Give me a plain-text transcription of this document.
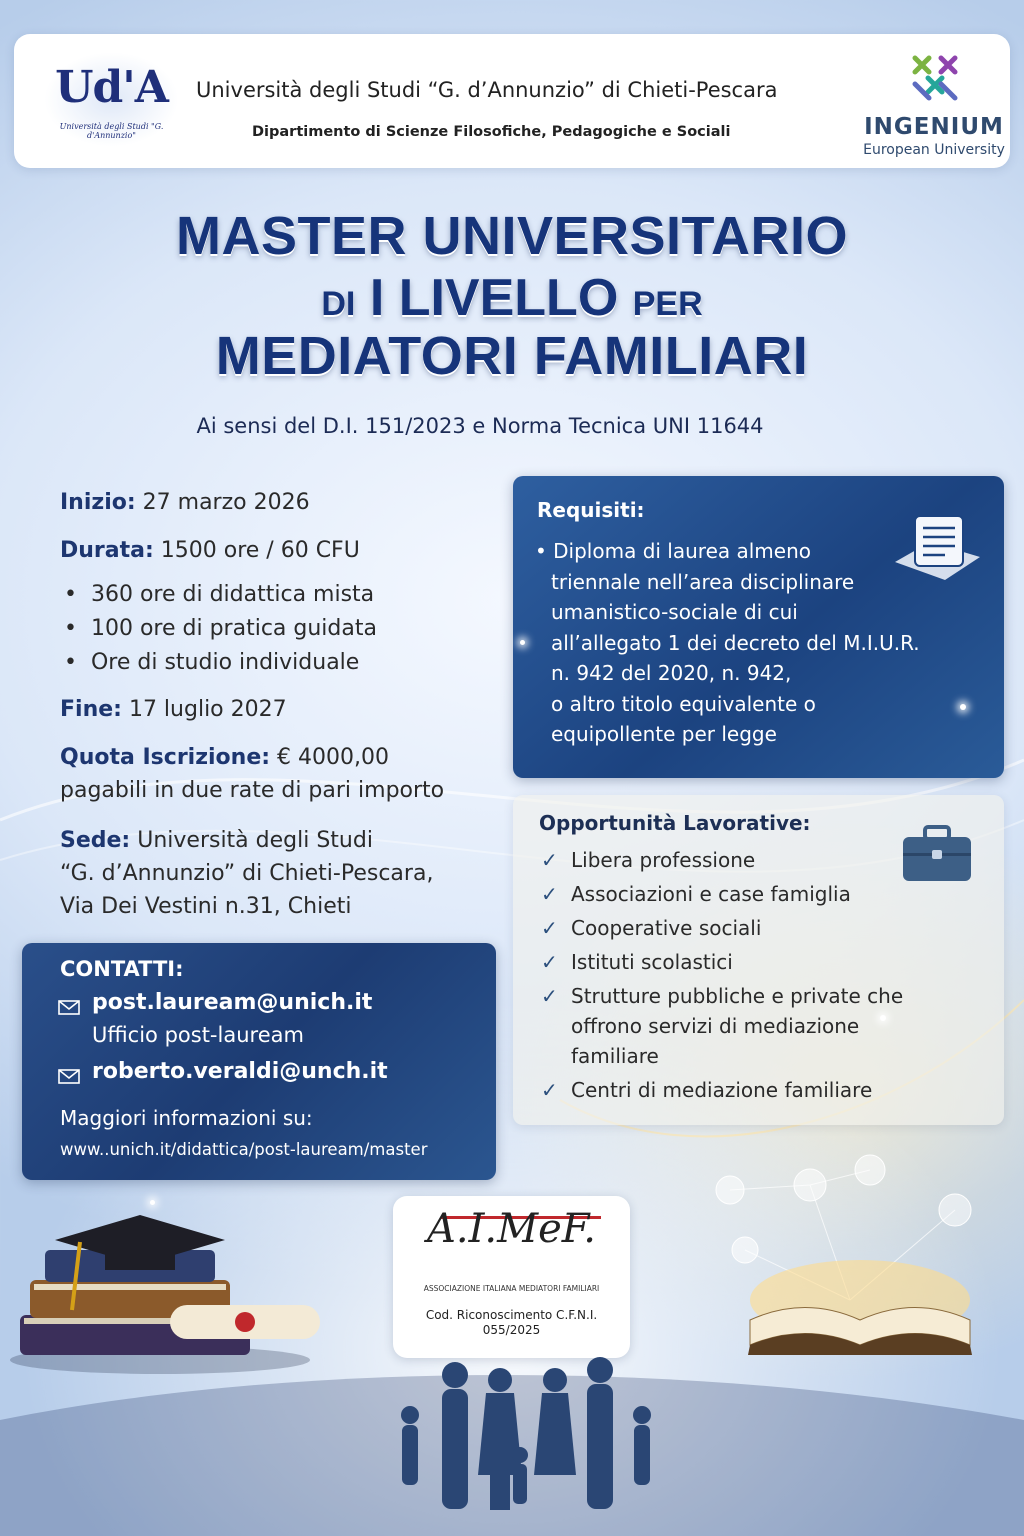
Ud'A
Università degli Studi "G. d'Annunzio"
Università degli Studi “G. d’Annunzio” di Chieti-Pescara
Dipartimento di Scienze Filosofiche, Pedagogiche e Sociali	INGENIUM
European University
MASTER UNIVERSITARIO
DI I LIVELLO PER
MEDIATORI FAMILIARI
Ai sensi del D.I. 151/2023 e Norma Tecnica UNI 11644
Inizio: 27 marzo 2026
Durata: 1500 ore / 60 CFU
• 360 ore di didattica mista
• 100 ore di pratica guidata
• Ore di studio individuale
Fine: 17 luglio 2027
Quota Iscrizione: € 4000,00
pagabili in due rate di pari importo
Sede: Università degli Studi
“G. d’Annunzio” di Chieti-Pescara,
Via Dei Vestini n.31, Chieti
CONTATTI:
post.lauream@unich.it
Ufficio post-lauream
roberto.veraldi@unch.it
Maggiori informazioni su:
www..unich.it/didattica/post-lauream/master
Requisiti:
• Diploma di laurea almeno
triennale nell’area disciplinare
umanistico-sociale di cui
all’allegato 1 dei decreto del M.I.U.R.
n. 942 del 2020, n. 942,
o altro titolo equivalente o
equipollente per legge
Opportunità Lavorative:
✓ Libera professione
✓ Associazioni e case famiglia
✓ Cooperative sociali
✓ Istituti scolastici
✓ Strutture pubbliche e private che offrono servizi di mediazione familiare
✓ Centri di mediazione familiare
A.I.MeF.
ASSOCIAZIONE ITALIANA MEDIATORI FAMILIARI
Cod. Riconoscimento C.F.N.I.
055/2025
